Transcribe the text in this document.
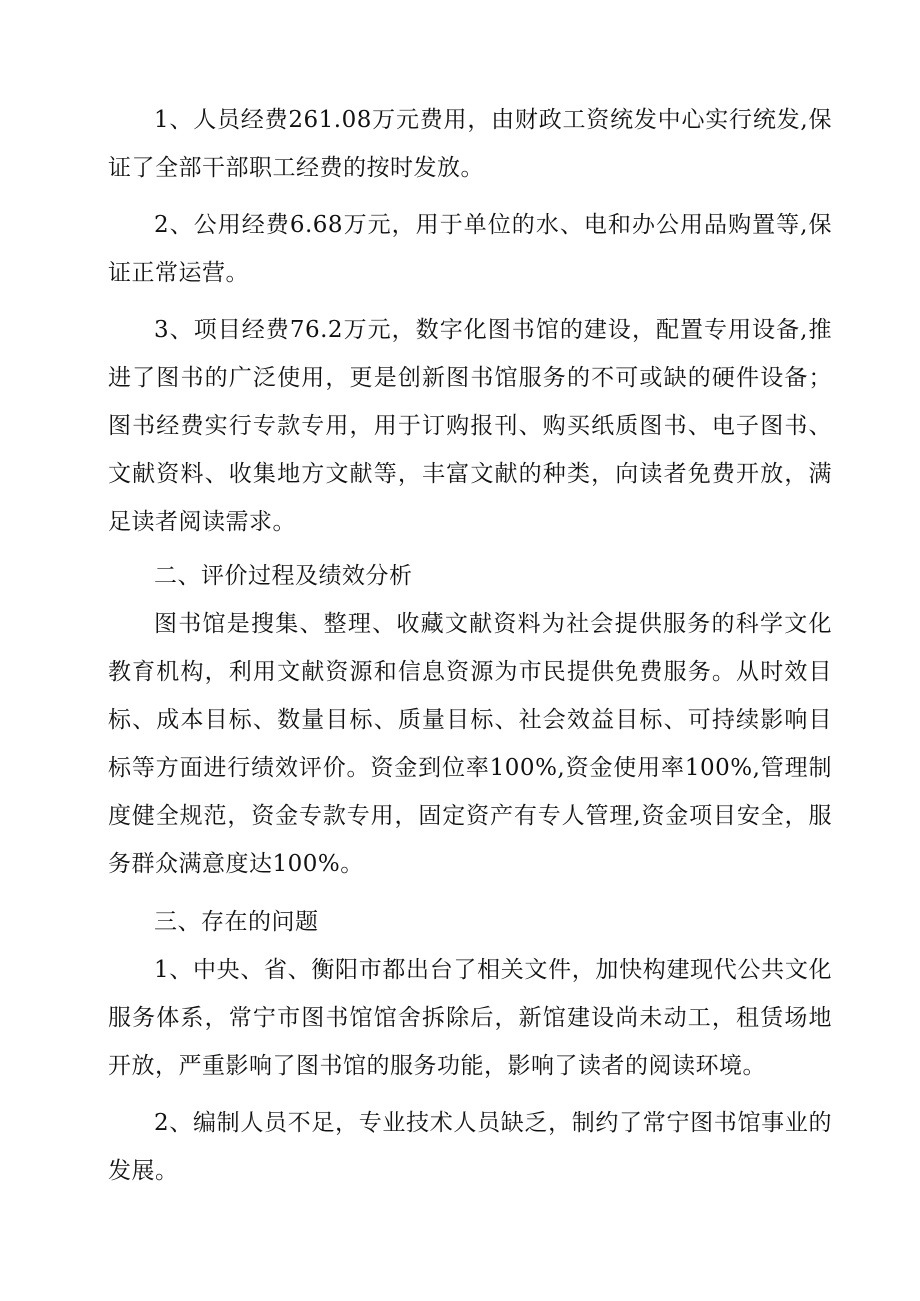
1、人员经费261.08万元费用，由财政工资统发中心实行统发,保证了全部干部职工经费的按时发放。

2、公用经费6.68万元，用于单位的水、电和办公用品购置等,保证正常运营。

3、项目经费76.2万元，数字化图书馆的建设，配置专用设备,推进了图书的广泛使用，更是创新图书馆服务的不可或缺的硬件设备；图书经费实行专款专用，用于订购报刊、购买纸质图书、电子图书、文献资料、收集地方文献等，丰富文献的种类，向读者免费开放，满足读者阅读需求。

二、评价过程及绩效分析

图书馆是搜集、整理、收藏文献资料为社会提供服务的科学文化教育机构，利用文献资源和信息资源为市民提供免费服务。从时效目标、成本目标、数量目标、质量目标、社会效益目标、可持续影响目标等方面进行绩效评价。资金到位率100%,资金使用率100%,管理制度健全规范，资金专款专用，固定资产有专人管理,资金项目安全，服务群众满意度达100%。

三、存在的问题

1、中央、省、衡阳市都出台了相关文件，加快构建现代公共文化服务体系，常宁市图书馆馆舍拆除后，新馆建设尚未动工，租赁场地开放，严重影响了图书馆的服务功能，影响了读者的阅读环境。

2、编制人员不足，专业技术人员缺乏，制约了常宁图书馆事业的发展。
